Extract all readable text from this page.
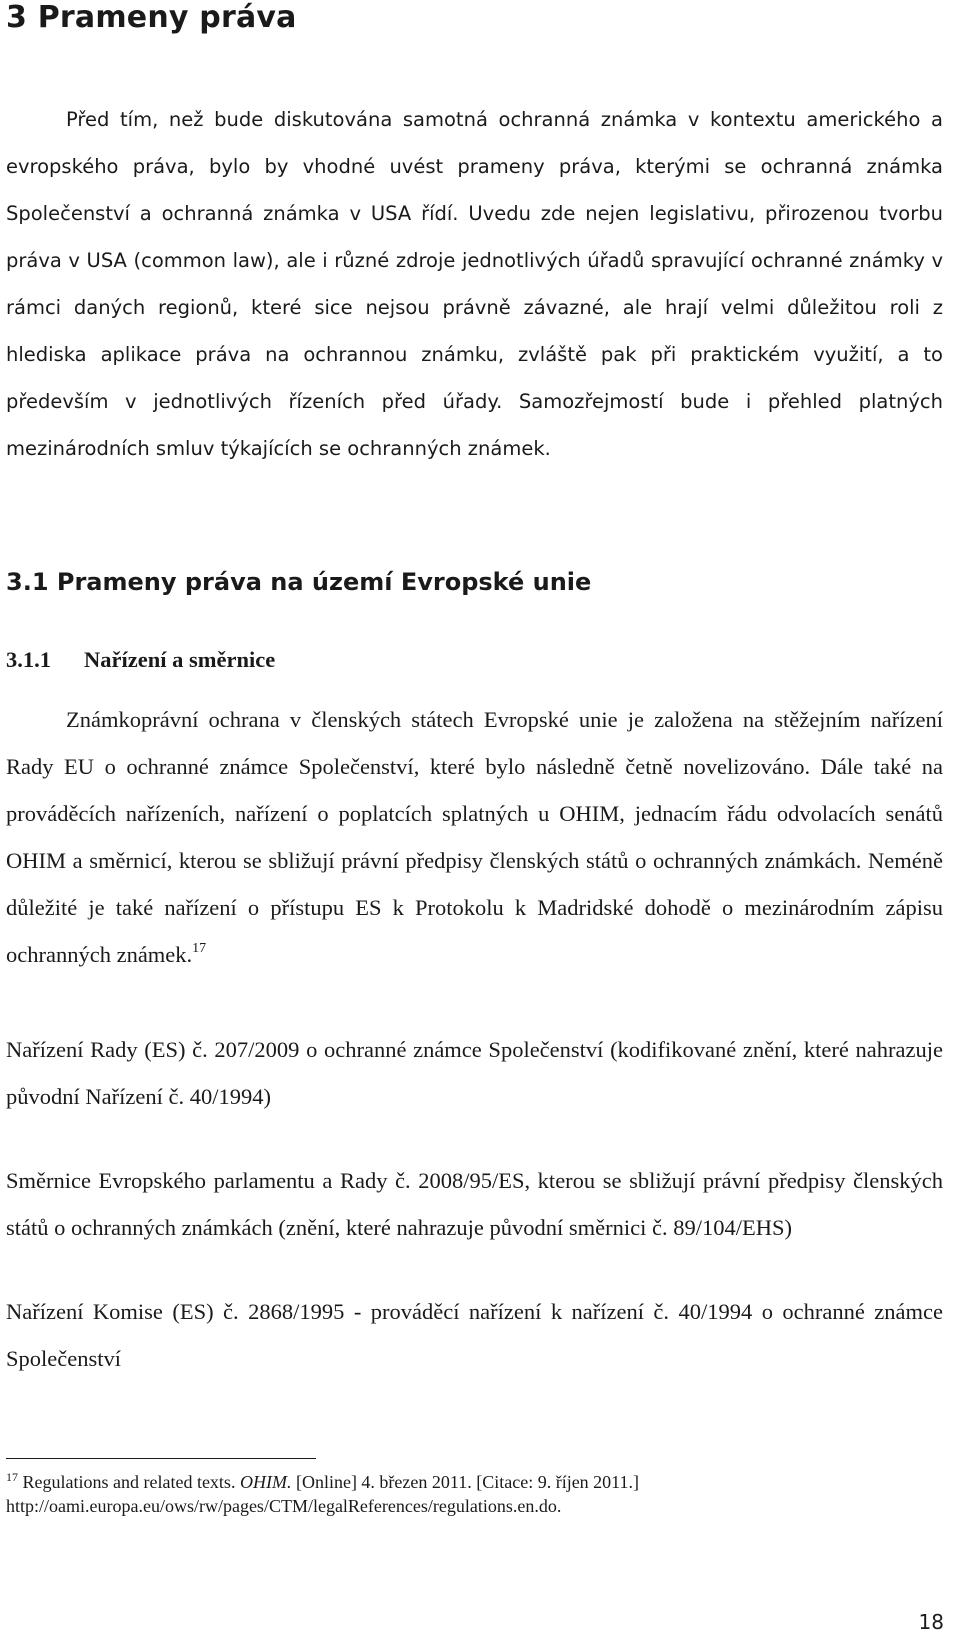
3 Prameny práva

Před tím, než bude diskutována samotná ochranná známka v kontextu amerického a evropského práva, bylo by vhodné uvést prameny práva, kterými se ochranná známka Společenství a ochranná známka v USA řídí. Uvedu zde nejen legislativu, přirozenou tvorbu práva v USA (common law), ale i různé zdroje jednotlivých úřadů spravující ochranné známky v rámci daných regionů, které sice nejsou právně závazné, ale hrají velmi důležitou roli z hlediska aplikace práva na ochrannou známku, zvláště pak při praktickém využití, a to především v jednotlivých řízeních před úřady. Samozřejmostí bude i přehled platných mezinárodních smluv týkajících se ochranných známek.

3.1 Prameny práva na území Evropské unie
3.1.1 Nařízení a směrnice

Známkoprávní ochrana v členských státech Evropské unie je založena na stěžejním nařízení Rady EU o ochranné známce Společenství, které bylo následně četně novelizováno. Dále také na prováděcích nařízeních, nařízení o poplatcích splatných u OHIM, jednacím řádu odvolacích senátů OHIM a směrnicí, kterou se sbližují právní předpisy členských států o ochranných známkách. Neméně důležité je také nařízení o přístupu ES k Protokolu k Madridské dohodě o mezinárodním zápisu ochranných známek.$^{17}$

Nařízení Rady (ES) č. 207/2009 o ochranné známce Společenství (kodifikované znění, které nahrazuje původní Nařízení č. 40/1994)

Směrnice Evropského parlamentu a Rady č. 2008/95/ES, kterou se sbližují právní předpisy členských států o ochranných známkách (znění, které nahrazuje původní směrnici č. 89/104/EHS)

Nařízení Komise (ES) č. 2868/1995 - prováděcí nařízení k nařízení č. 40/1994 o ochranné známce Společenství

$^{17}$ Regulations and related texts. OHIM. [Online] 4. březen 2011. [Citace: 9. říjen 2011.]
http://oami.europa.eu/ows/rw/pages/CTM/legalReferences/regulations.en.do.
18
